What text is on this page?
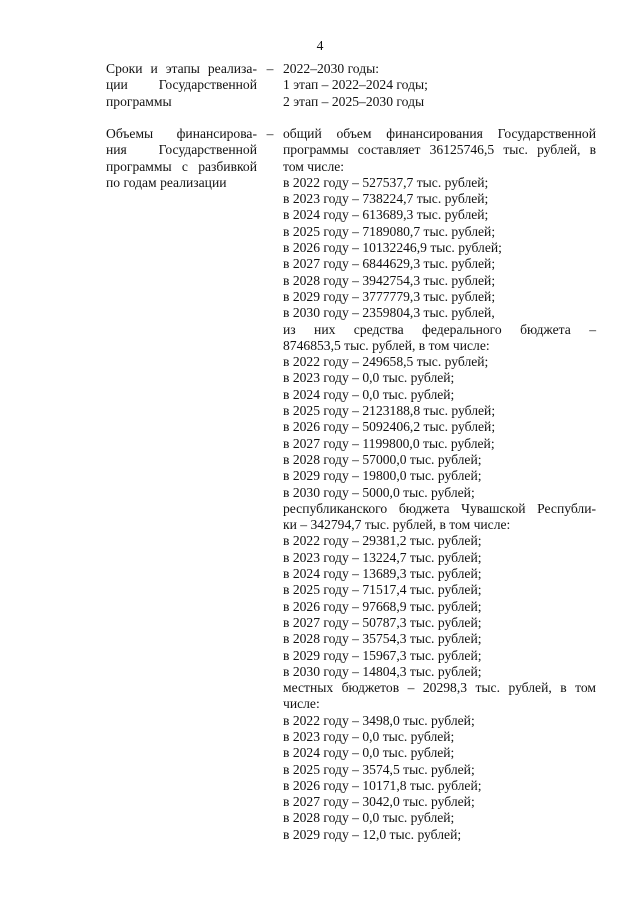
4
Сроки и этапы реализа-
ции Государственной
программы
– 2022–2030 годы:
1 этап – 2022–2024 годы;
2 этап – 2025–2030 годы
Объемы финансирова-
ния Государственной
программы с разбивкой
по годам реализации
– общий объем финансирования Государственной
программы составляет 36125746,5 тыс. рублей, в
том числе:
в 2022 году – 527537,7 тыс. рублей;
в 2023 году – 738224,7 тыс. рублей;
в 2024 году – 613689,3 тыс. рублей;
в 2025 году – 7189080,7 тыс. рублей;
в 2026 году – 10132246,9 тыс. рублей;
в 2027 году – 6844629,3 тыс. рублей;
в 2028 году – 3942754,3 тыс. рублей;
в 2029 году – 3777779,3 тыс. рублей;
в 2030 году – 2359804,3 тыс. рублей,
из них средства федерального бюджета –
8746853,5 тыс. рублей, в том числе:
в 2022 году – 249658,5 тыс. рублей;
в 2023 году – 0,0 тыс. рублей;
в 2024 году – 0,0 тыс. рублей;
в 2025 году – 2123188,8 тыс. рублей;
в 2026 году – 5092406,2 тыс. рублей;
в 2027 году – 1199800,0 тыс. рублей;
в 2028 году – 57000,0 тыс. рублей;
в 2029 году – 19800,0 тыс. рублей;
в 2030 году – 5000,0 тыс. рублей;
республиканского бюджета Чувашской Республи-
ки – 342794,7 тыс. рублей, в том числе:
в 2022 году – 29381,2 тыс. рублей;
в 2023 году – 13224,7 тыс. рублей;
в 2024 году – 13689,3 тыс. рублей;
в 2025 году – 71517,4 тыс. рублей;
в 2026 году – 97668,9 тыс. рублей;
в 2027 году – 50787,3 тыс. рублей;
в 2028 году – 35754,3 тыс. рублей;
в 2029 году – 15967,3 тыс. рублей;
в 2030 году – 14804,3 тыс. рублей;
местных бюджетов – 20298,3 тыс. рублей, в том
числе:
в 2022 году – 3498,0 тыс. рублей;
в 2023 году – 0,0 тыс. рублей;
в 2024 году – 0,0 тыс. рублей;
в 2025 году – 3574,5 тыс. рублей;
в 2026 году – 10171,8 тыс. рублей;
в 2027 году – 3042,0 тыс. рублей;
в 2028 году – 0,0 тыс. рублей;
в 2029 году – 12,0 тыс. рублей;
